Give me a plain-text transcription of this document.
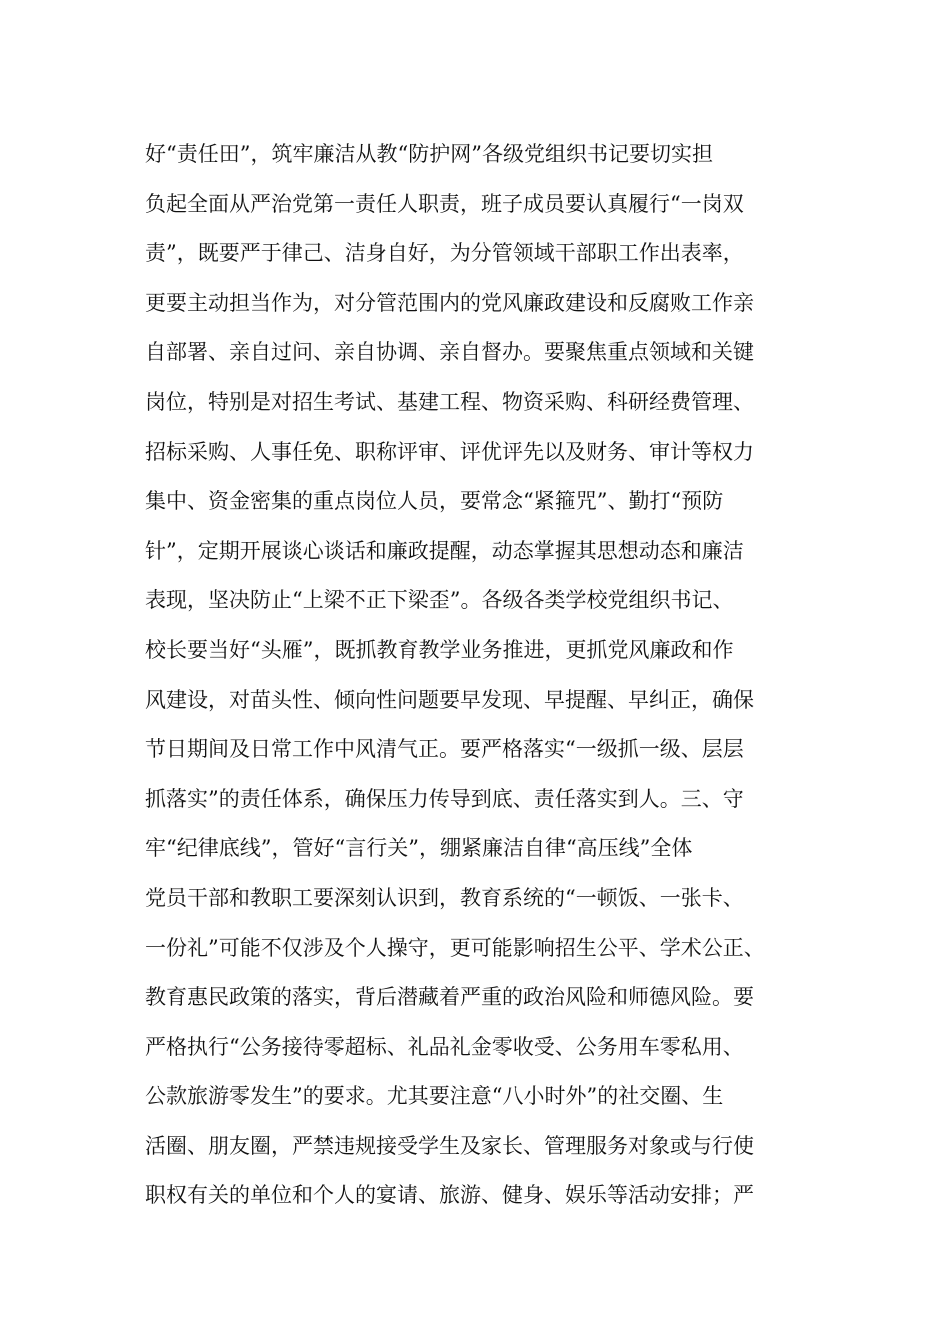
好“责任田”，筑牢廉洁从教“防护网”各级党组织书记要切实担
负起全面从严治党第一责任人职责，班子成员要认真履行“一岗双
责”，既要严于律己、洁身自好，为分管领域干部职工作出表率，
更要主动担当作为，对分管范围内的党风廉政建设和反腐败工作亲
自部署、亲自过问、亲自协调、亲自督办。要聚焦重点领域和关键
岗位，特别是对招生考试、基建工程、物资采购、科研经费管理、
招标采购、人事任免、职称评审、评优评先以及财务、审计等权力
集中、资金密集的重点岗位人员，要常念“紧箍咒”、勤打“预防
针”，定期开展谈心谈话和廉政提醒，动态掌握其思想动态和廉洁
表现，坚决防止“上梁不正下梁歪”。各级各类学校党组织书记、
校长要当好“头雁”，既抓教育教学业务推进，更抓党风廉政和作
风建设，对苗头性、倾向性问题要早发现、早提醒、早纠正，确保
节日期间及日常工作中风清气正。要严格落实“一级抓一级、层层
抓落实”的责任体系，确保压力传导到底、责任落实到人。三、守
牢“纪律底线”，管好“言行关”，绷紧廉洁自律“高压线”全体
党员干部和教职工要深刻认识到，教育系统的“一顿饭、一张卡、
一份礼”可能不仅涉及个人操守，更可能影响招生公平、学术公正、
教育惠民政策的落实，背后潜藏着严重的政治风险和师德风险。要
严格执行“公务接待零超标、礼品礼金零收受、公务用车零私用、
公款旅游零发生”的要求。尤其要注意“八小时外”的社交圈、生
活圈、朋友圈，严禁违规接受学生及家长、管理服务对象或与行使
职权有关的单位和个人的宴请、旅游、健身、娱乐等活动安排；严
